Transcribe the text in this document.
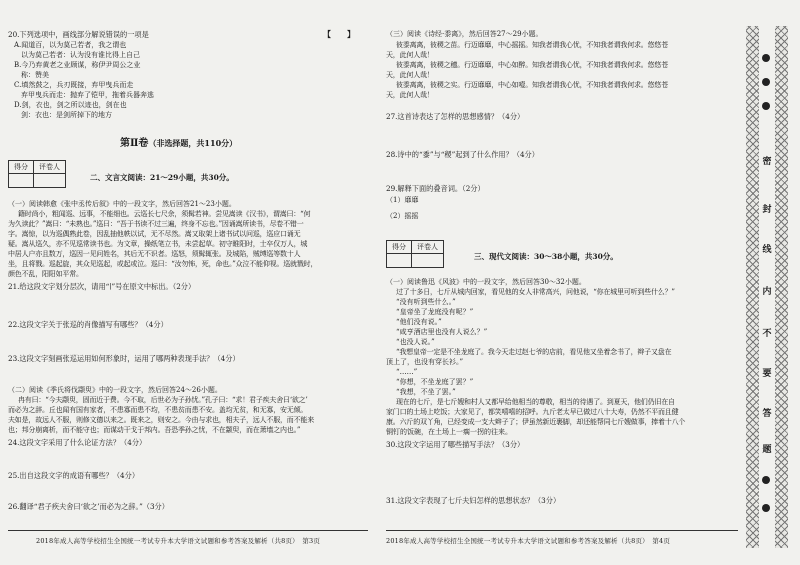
20.下列选项中，画线部分解说错误的一项是	【　　】
A.闻道百，以为莫己若者，我之谓也
　以为莫己若者：认为没有谁比得上自己
B.今乃弃黄老之业顾谋，称伊尹周公之业
　称：赞美
C.填然鼓之，兵刃既接，弃甲曳兵而走
　弃甲曳兵而走：抛弃了铠甲，拖着兵器奔逃
D.剑，衣也，剑之所以迹也，剑在也
　剑：衣也：是剑所掉下的地方
第Ⅱ卷（非选择题，共110分）
得分	评卷人

二、文言文阅读：21～29小题，共30分。
（一）阅读韩愈《张中丞传后叙》中的一段文字，然后回答21～23小题。
籍时尚小，粗闻巡、远事，不能细也。云巡长七尺余，须髯若神。尝见嵩读《汉书》，谓嵩曰：“何
为久读此？”嵩曰：“未熟也。”巡曰：“吾于书读不过三遍，终身不忘也。”因诵嵩所读书，尽卷不错一
字。嵩惊，以为巡偶熟此卷，因乱抽他帙以试，无不尽然。嵩又取架上诸书试以问巡，巡应口诵无
疑。嵩从巡久，亦不见巡常读书也。为文章，操纸笔立书，未尝起草。初守睢阳时，士卒仅万人，城
中居人户亦且数万，巡因一见问姓名，其后无不识者。巡怒，须髯辄张。及城陷，贼缚巡等数十人
坐，且将戮。巡起旋，其众见巡起，或起或泣。巡曰：“汝勿怖，死，命也。”众泣不能仰视。巡就戮时，
颜色不乱，阳阳如平常。
21.给这段文字划分层次，请用“∣”号在原文中标出。（2分）
22.这段文字关于张巡的肖像描写有哪些？（4分）
23.这段文字刻画张巡运用如何形象时，运用了哪两种表现手法？（4分）
（二）阅读《季氏将伐颛臾》中的一段文字，然后回答24～26小题。
冉有曰：“今夫颛臾，固而近于费。今不取，后世必为子孙忧。”孔子曰：“求！君子疾夫舍曰‘欲之’
而必为之辞。丘也闻有国有家者，不患寡而患不均，不患贫而患不安。盖均无贫，和无寡，安无倾。
夫如是，故远人不服，则修文德以来之。既来之，则安之。今由与求也，相夫子，远人不服，而不能来
也；邦分崩离析，而不能守也；而谋动干戈于邦内。吾恐季孙之忧，不在颛臾，而在萧墙之内也。”
24.这段文字采用了什么论证方法？（4分）
25.出自这段文字的成语有哪些？（4分）
26.翻译“君子疾夫舍曰‘欲之’而必为之辞。”（3分）
2018年成人高等学校招生全国统一考试专升本大学语文试题和参考答案及解析（共8页）　第3页
（三）阅读《诗经·黍离》，然后回答27～29小题。
彼黍离离，彼稷之苗。行迈靡靡，中心摇摇。知我者谓我心忧，不知我者谓我何求。悠悠苍
天，此何人哉！
彼黍离离，彼稷之穗。行迈靡靡，中心如醉。知我者谓我心忧，不知我者谓我何求。悠悠苍
天，此何人哉！
彼黍离离，彼稷之实。行迈靡靡，中心如噎。知我者谓我心忧，不知我者谓我何求。悠悠苍
天，此何人哉！
27.这首诗表达了怎样的思想感情？（4分）
28.诗中的“黍”与“稷”起到了什么作用？（4分）
29.解释下面的叠音词。（2分）
（1）靡靡
（2）摇摇
得分	评卷人

三、现代文阅读：30～38小题，共30分。
（一）阅读鲁迅《风波》中的一段文字，然后回答30～32小题。
过了十多日，七斤从城内回家，看见他的女人非常高兴，问他说，“你在城里可听到些什么？”
“没有听到些什么。”
“皇帝坐了龙庭没有呢？”
“他们没有说。”
“咸亨酒店里也没有人说么？”
“也没人说。”
“我想皇帝一定是不坐龙庭了。我今天走过赵七爷的店前，看见他又坐着念书了，辫子又盘在
顶上了，也没有穿长衫。”
“……”
“你想，不坐龙庭了罢？”
“我想，不坐了罢。”
现在的七斤，是七斤嫂和村人又都早给他相当的尊敬，相当的待遇了。到夏天，他们仍旧在自
家门口的土场上吃饭；大家见了，都笑嘻嘻的招呼。九斤老太早已做过八十大寿，仍然不平而且健
康。六斤的双丫角，已经变成一支大辫子了；伊虽然新近裹脚，却还能帮同七斤嫂做事，捧着十八个
铜钉的饭碗，在土场上一瘸一拐的往来。
30.这段文字运用了哪些描写手法？（3分）
31.这段文字表现了七斤夫妇怎样的思想状态？（3分）
2018年成人高等学校招生全国统一考试专升本大学语文试题和参考答案及解析（共8页）　第4页
密
封
线
内
不
要
答
题
